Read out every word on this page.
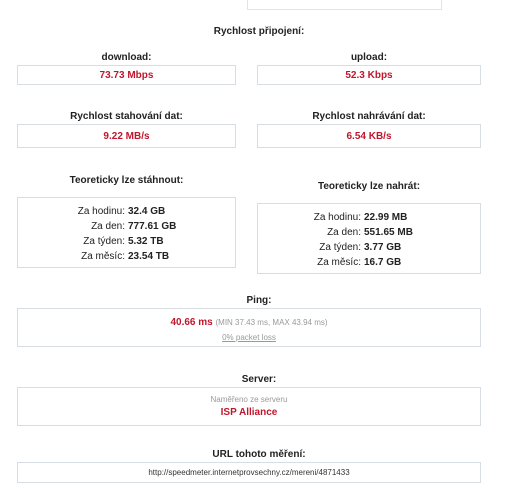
Rychlost připojení:
download:
73.73 Mbps
upload:
52.3 Kbps
Rychlost stahování dat:
9.22 MB/s
Rychlost nahrávání dat:
6.54 KB/s
Teoreticky lze stáhnout:
Za hodinu: 32.4 GB
Za den: 777.61 GB
Za týden: 5.32 TB
Za měsíc: 23.54 TB
Teoreticky lze nahrát:
Za hodinu: 22.99 MB
Za den: 551.65 MB
Za týden: 3.77 GB
Za měsíc: 16.7 GB
Ping:
40.66 ms (MIN 37.43 ms, MAX 43.94 ms)
0% packet loss
Server:
Naměřeno ze serveru
ISP Alliance
URL tohoto měření:
http://speedmeter.internetprovsechny.cz/mereni/4871433
